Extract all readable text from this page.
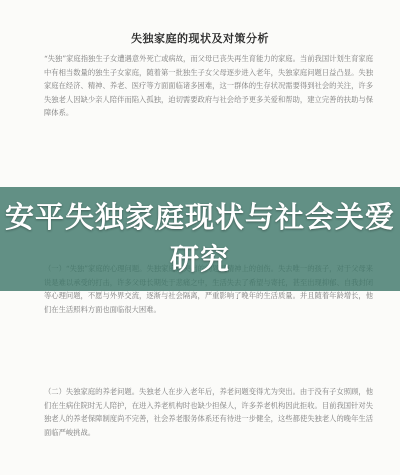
失独家庭的现状及对策分析

“失独”家庭指独生子女遭遇意外死亡或病故，而父母已丧失再生育能力的家庭。当前我国计划生育家庭中有相当数量的独生子女家庭，随着第一批独生子女父母逐步进入老年，失独家庭问题日益凸显。失独家庭在经济、精神、养老、医疗等方面面临诸多困难，这一群体的生存状况需要得到社会的关注，许多失独老人因缺少亲人陪伴而陷入孤独，迫切需要政府与社会给予更多关爱和帮助，建立完善的扶助与保障体系。

等心理问题，不愿与外界交流，逐渐与社会隔离，严重影响了晚年的生活质量。并且随着年龄增长，他们在生活照料方面也面临很大困难。

（二）失独家庭的养老问题。失独老人在步入老年后，养老问题变得尤为突出。由于没有子女照顾，他们在生病住院时无人陪护，在进入养老机构时也缺少担保人，许多养老机构因此拒收。目前我国针对失独老人的养老保障制度尚不完善，社会养老服务体系还有待进一步健全，这些都使失独老人的晚年生活面临严峻挑战。

安平失独家庭现状与社会关爱研究
